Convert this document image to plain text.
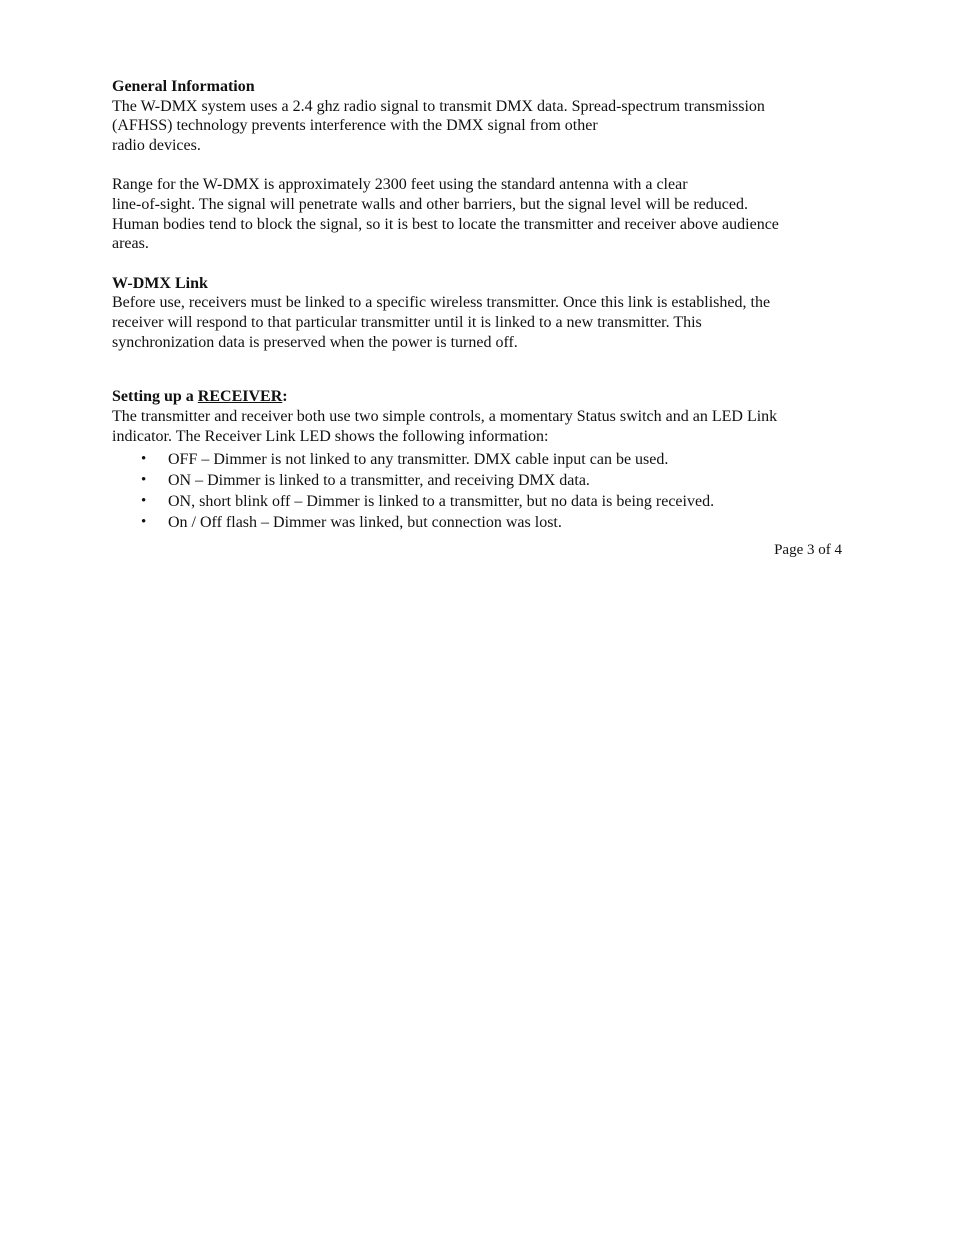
General Information

The W-DMX system uses a 2.4 ghz radio signal to transmit DMX data. Spread-spectrum transmission
(AFHSS) technology prevents interference with the DMX signal from other
radio devices.

Range for the W-DMX is approximately 2300 feet using the standard antenna with a clear
line-of-sight. The signal will penetrate walls and other barriers, but the signal level will be reduced.
Human bodies tend to block the signal, so it is best to locate the transmitter and receiver above audience
areas.

W-DMX Link

Before use, receivers must be linked to a specific wireless transmitter. Once this link is established, the
receiver will respond to that particular transmitter until it is linked to a new transmitter. This
synchronization data is preserved when the power is turned off.

Setting up a RECEIVER:

The transmitter and receiver both use two simple controls, a momentary Status switch and an LED Link
indicator. The Receiver Link LED shows the following information:

• OFF – Dimmer is not linked to any transmitter. DMX cable input can be used.
• ON – Dimmer is linked to a transmitter, and receiving DMX data.
• ON, short blink off – Dimmer is linked to a transmitter, but no data is being received.
• On / Off flash – Dimmer was linked, but connection was lost.
Page 3 of 4
